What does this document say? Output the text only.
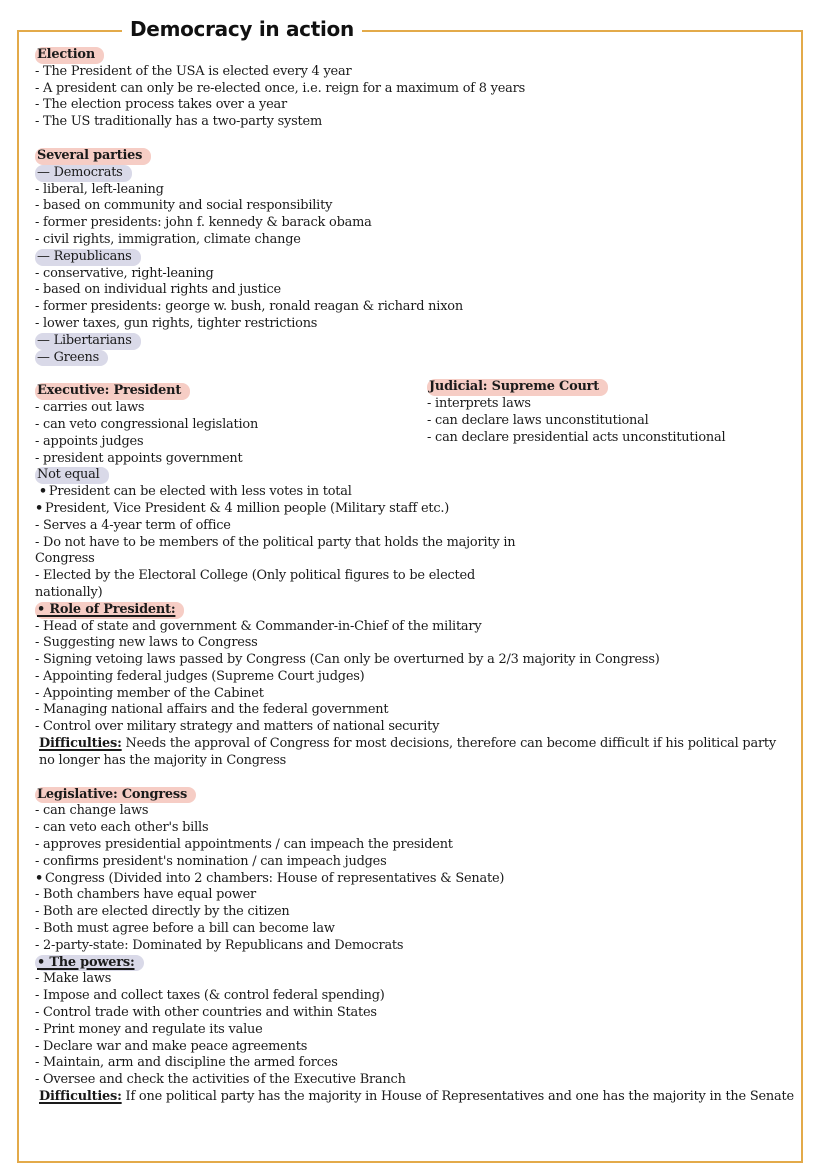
Democracy in action
Election
- The President of the USA is elected every 4 year
- A president can only be re-elected once, i.e. reign for a maximum of 8 years
- The election process takes over a year
- The US traditionally has a two-party system
Several parties
— Democrats
- liberal, left-leaning
- based on community and social responsibility
- former presidents: john f. kennedy & barack obama
- civil rights, immigration, climate change
— Republicans
- conservative, right-leaning
- based on individual rights and justice
- former presidents: george w. bush, ronald reagan & richard nixon
- lower taxes, gun rights, tighter restrictions
— Libertarians
— Greens
Executive: President
- carries out laws
- can veto congressional legislation
- appoints judges
- president appoints government
Judicial: Supreme Court
- interprets laws
- can declare laws unconstitutional
- can declare presidential acts unconstitutional
Not equal
• President can be elected with less votes in total
• President, Vice President & 4 million people (Military staff etc.)
- Serves a 4-year term of office
- Do not have to be members of the political party that holds the majority in
Congress
- Elected by the Electoral College (Only political figures to be elected
nationally)
• Role of President:
- Head of state and government & Commander-in-Chief of the military
- Suggesting new laws to Congress
- Signing vetoing laws passed by Congress (Can only be overturned by a 2/3 majority in Congress)
- Appointing federal judges (Supreme Court judges)
- Appointing member of the Cabinet
- Managing national affairs and the federal government
- Control over military strategy and matters of national security
Difficulties: Needs the approval of Congress for most decisions, therefore can become difficult if his political party no longer has the majority in Congress
Legislative: Congress
- can change laws
- can veto each other's bills
- approves presidential appointments / can impeach the president
- confirms president's nomination / can impeach judges
• Congress (Divided into 2 chambers: House of representatives & Senate)
- Both chambers have equal power
- Both are elected directly by the citizen
- Both must agree before a bill can become law
- 2-party-state: Dominated by Republicans and Democrats
• The powers:
- Make laws
- Impose and collect taxes (& control federal spending)
- Control trade with other countries and within States
- Print money and regulate its value
- Declare war and make peace agreements
- Maintain, arm and discipline the armed forces
- Oversee and check the activities of the Executive Branch
Difficulties: If one political party has the majority in House of Representatives and one has the majority in the Senate
